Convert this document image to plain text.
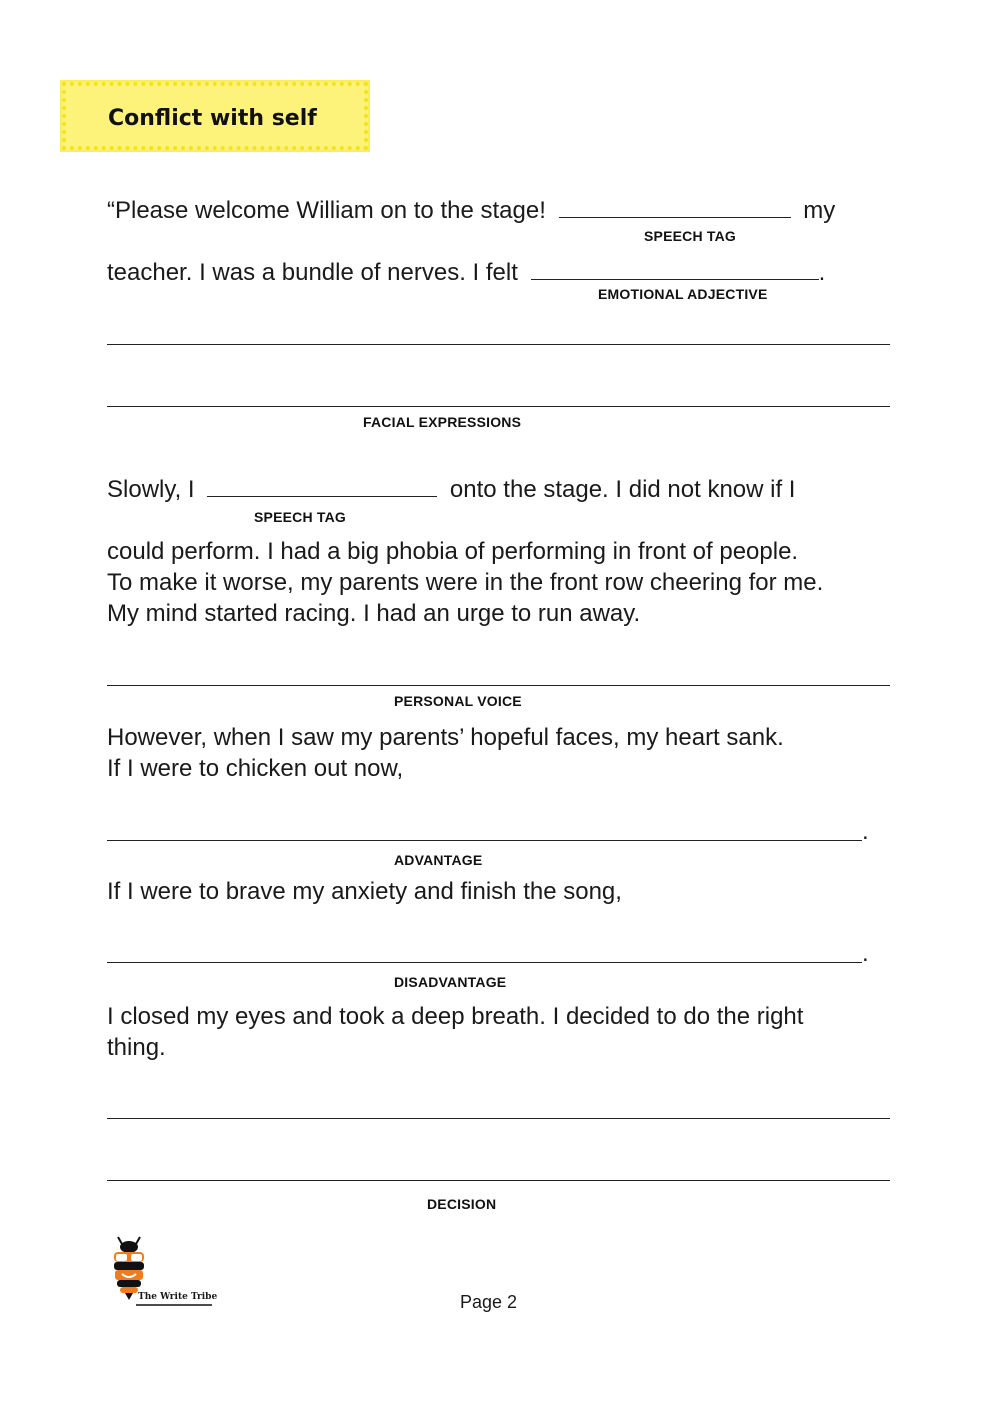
Conflict with self
“Please welcome William on to the stage!	my
SPEECH TAG
teacher. I was a bundle of nerves. I felt	.
EMOTIONAL ADJECTIVE
FACIAL EXPRESSIONS
Slowly, I	onto the stage. I did not know if I
SPEECH TAG
could perform. I had a big phobia of performing in front of people.
To make it worse, my parents were in the front row cheering for me.
My mind started racing. I had an urge to run away.
PERSONAL VOICE
However, when I saw my parents’ hopeful faces, my heart sank.
If I were to chicken out now,
.
ADVANTAGE
If I were to brave my anxiety and finish the song,
.
DISADVANTAGE
I closed my eyes and took a deep breath. I decided to do the right
thing.
DECISION
The Write Tribe	Page 2
